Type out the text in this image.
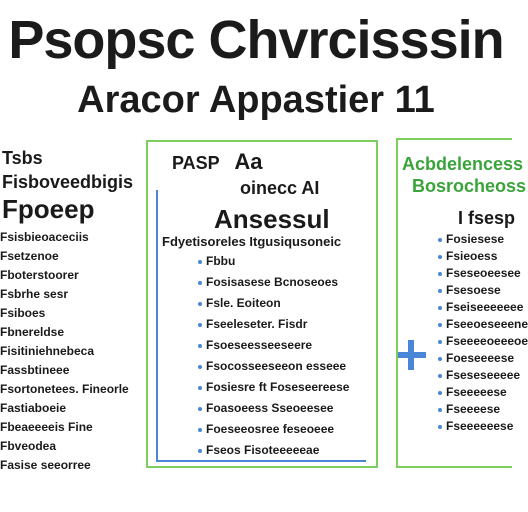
Psopsc Chvrcisssin
Aracor Appastier 11
Tsbs
Fisboveedbigis
Fpoeep
Fsisbieoaceciis
Fsetzenoe
Fboterstoorer
Fsbrhe sesr
Fsiboes
Fbnereldse
Fisitiniehnebeca
Fassbtineee
Fsortonetees. Fineorle
Fastiaboeie
Fbeaeeeeis Fine
Fbveodea
Fasise seeorree
PASP Aa
oinecc AI
Ansessul
Fdyetisoreles Itgusiqusoneic
Fbbu
Fosisasese Bcnoseoes
Fsle. Eoiteon
Fseeleseter. Fisdr
Fsoeseesseeseere
Fsocosseeseeon esseee
Fosiesre ft Foseseereese
Foasoeess Sseoeesee
Foeseeosree feseoeee
Fseos Fisoteeeeeae
Acbdelencess
Bosrocheoss
I fsesp
Fosiesese
Fsieoess
Fseseoeesee
Fsesoese
Fseiseeeeeee
Fseeoeseeene
Fseeeeoeeeoe
Foeseeeese
Fseseseeeee
Fseeeeese
Fseeeese
Fseeeeeese
